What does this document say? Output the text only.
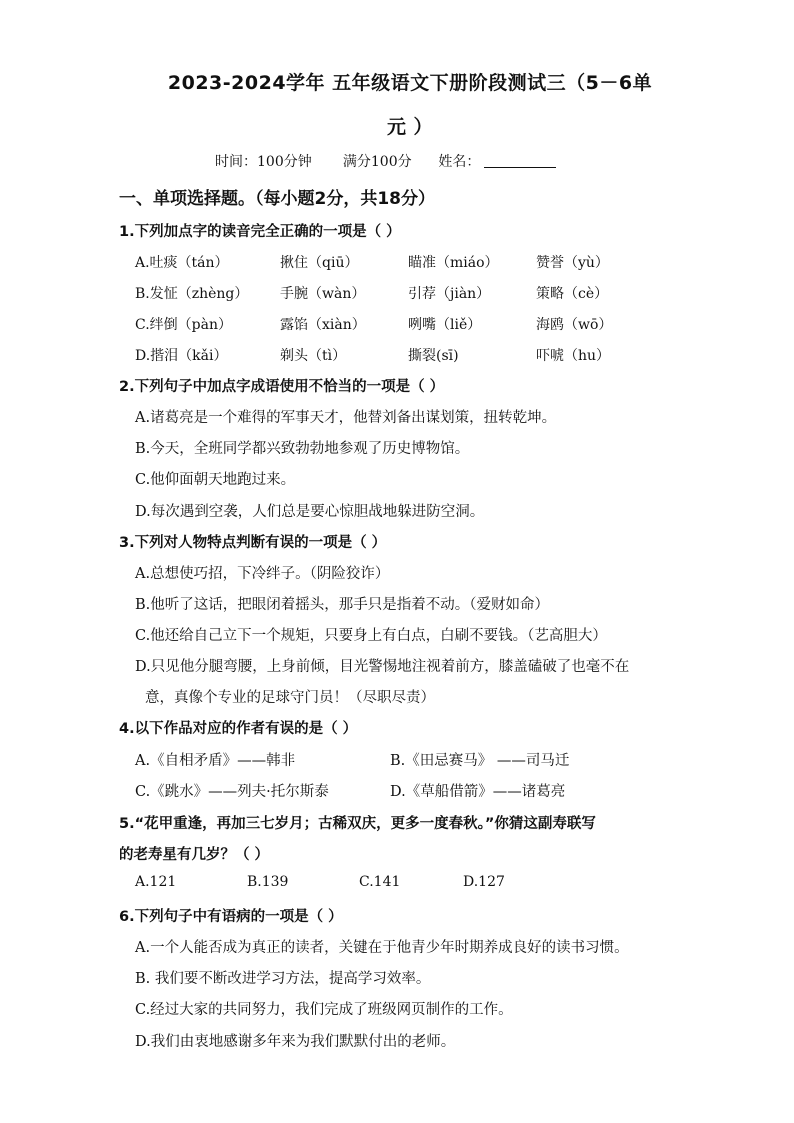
2023-2024学年 五年级语文下册阶段测试三（5－6单
元 ）
时间：100分钟 满分100分 姓名：
一、单项选择题。（每小题2分，共18分）
1.下列加点字的读音完全正确的一项是（ ）
A.吐痰（tán）	揪住（qiū）	瞄准（miáo）	赞誉（yù）
B.发怔（zhèng） 手腕（wàn）	引荐（jiàn）	策略（cè）
C.绊倒（pàn）	露馅（xiàn）	咧嘴（liě）	海鸥（wō）
D.揩泪（kǎi）	剃头（tì）	撕裂(sī)	吓唬（hu）
2.下列句子中加点字成语使用不恰当的一项是（ ）
A.诸葛亮是一个难得的军事天才，他替刘备出谋划策，扭转乾坤。
B.今天，全班同学都兴致勃勃地参观了历史博物馆。
C.他仰面朝天地跑过来。
D.每次遇到空袭，人们总是要心惊胆战地躲进防空洞。
3.下列对人物特点判断有误的一项是（ ）
A.总想使巧招，下冷绊子。（阴险狡诈）
B.他听了这话，把眼闭着摇头，那手只是指着不动。（爱财如命）
C.他还给自己立下一个规矩，只要身上有白点，白刷不要钱。（艺高胆大）
D.只见他分腿弯腰，上身前倾，目光警惕地注视着前方，膝盖磕破了也毫不在
意，真像个专业的足球守门员！（尽职尽责）
4.以下作品对应的作者有误的是（ ）
A.《自相矛盾》——韩非	B.《田忌赛马》 ——司马迁
C.《跳水》——列夫·托尔斯泰	D.《草船借箭》——诸葛亮
5.“花甲重逢，再加三七岁月；古稀双庆，更多一度春秋。”你猜这副寿联写
的老寿星有几岁？（ ）
A.121	B.139	C.141	D.127
6.下列句子中有语病的一项是（ ）
A.一个人能否成为真正的读者，关键在于他青少年时期养成良好的读书习惯。
B. 我们要不断改进学习方法，提高学习效率。
C.经过大家的共同努力，我们完成了班级网页制作的工作。
D.我们由衷地感谢多年来为我们默默付出的老师。
